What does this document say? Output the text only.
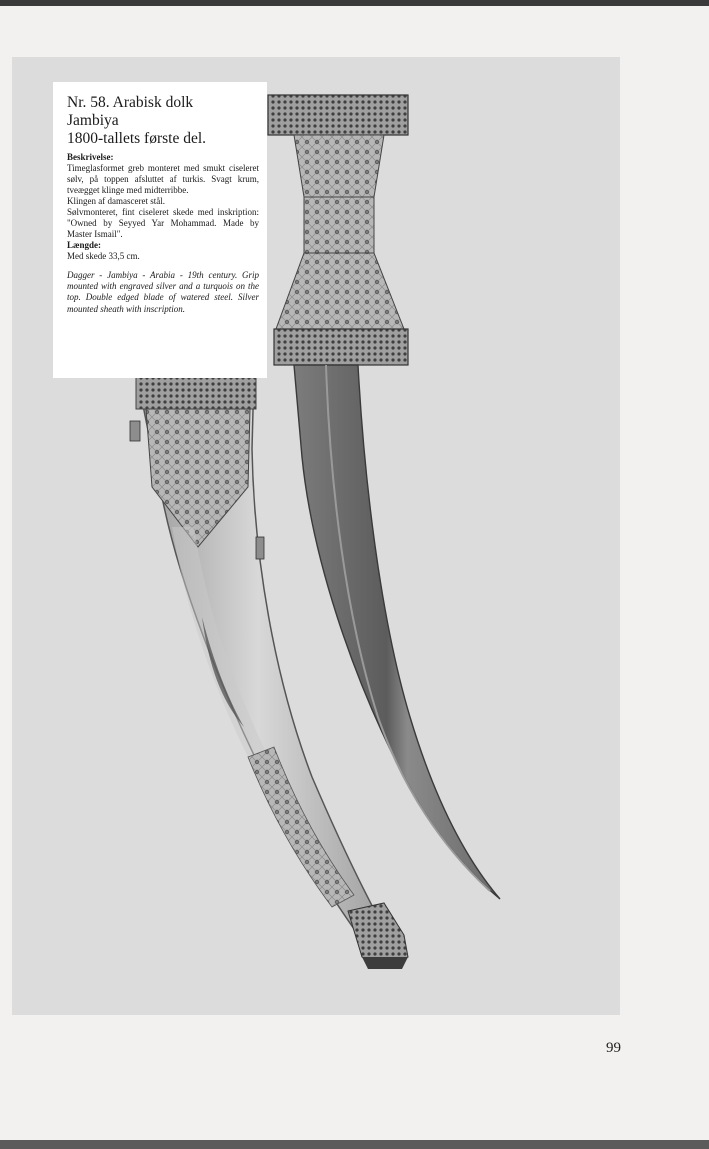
Nr. 58. Arabisk dolk
Jambiya
1800-tallets første del.

Beskrivelse:

Timeglasformet greb monteret med smukt ciseleret sølv, på toppen afsluttet af turkis. Svagt krum, tveægget klinge med midterribbe.

Klingen af damasceret stål.

Sølvmonteret, fint ciseleret skede med inskription: "Owned by Seyyed Yar Mohammad. Made by Master Ismail".

Længde:

Med skede 33,5 cm.

Dagger - Jambiya - Arabia - 19th century. Grip mounted with engraved silver and a turquois on the top. Double edged blade of watered steel. Silver mounted sheath with inscription.

99
